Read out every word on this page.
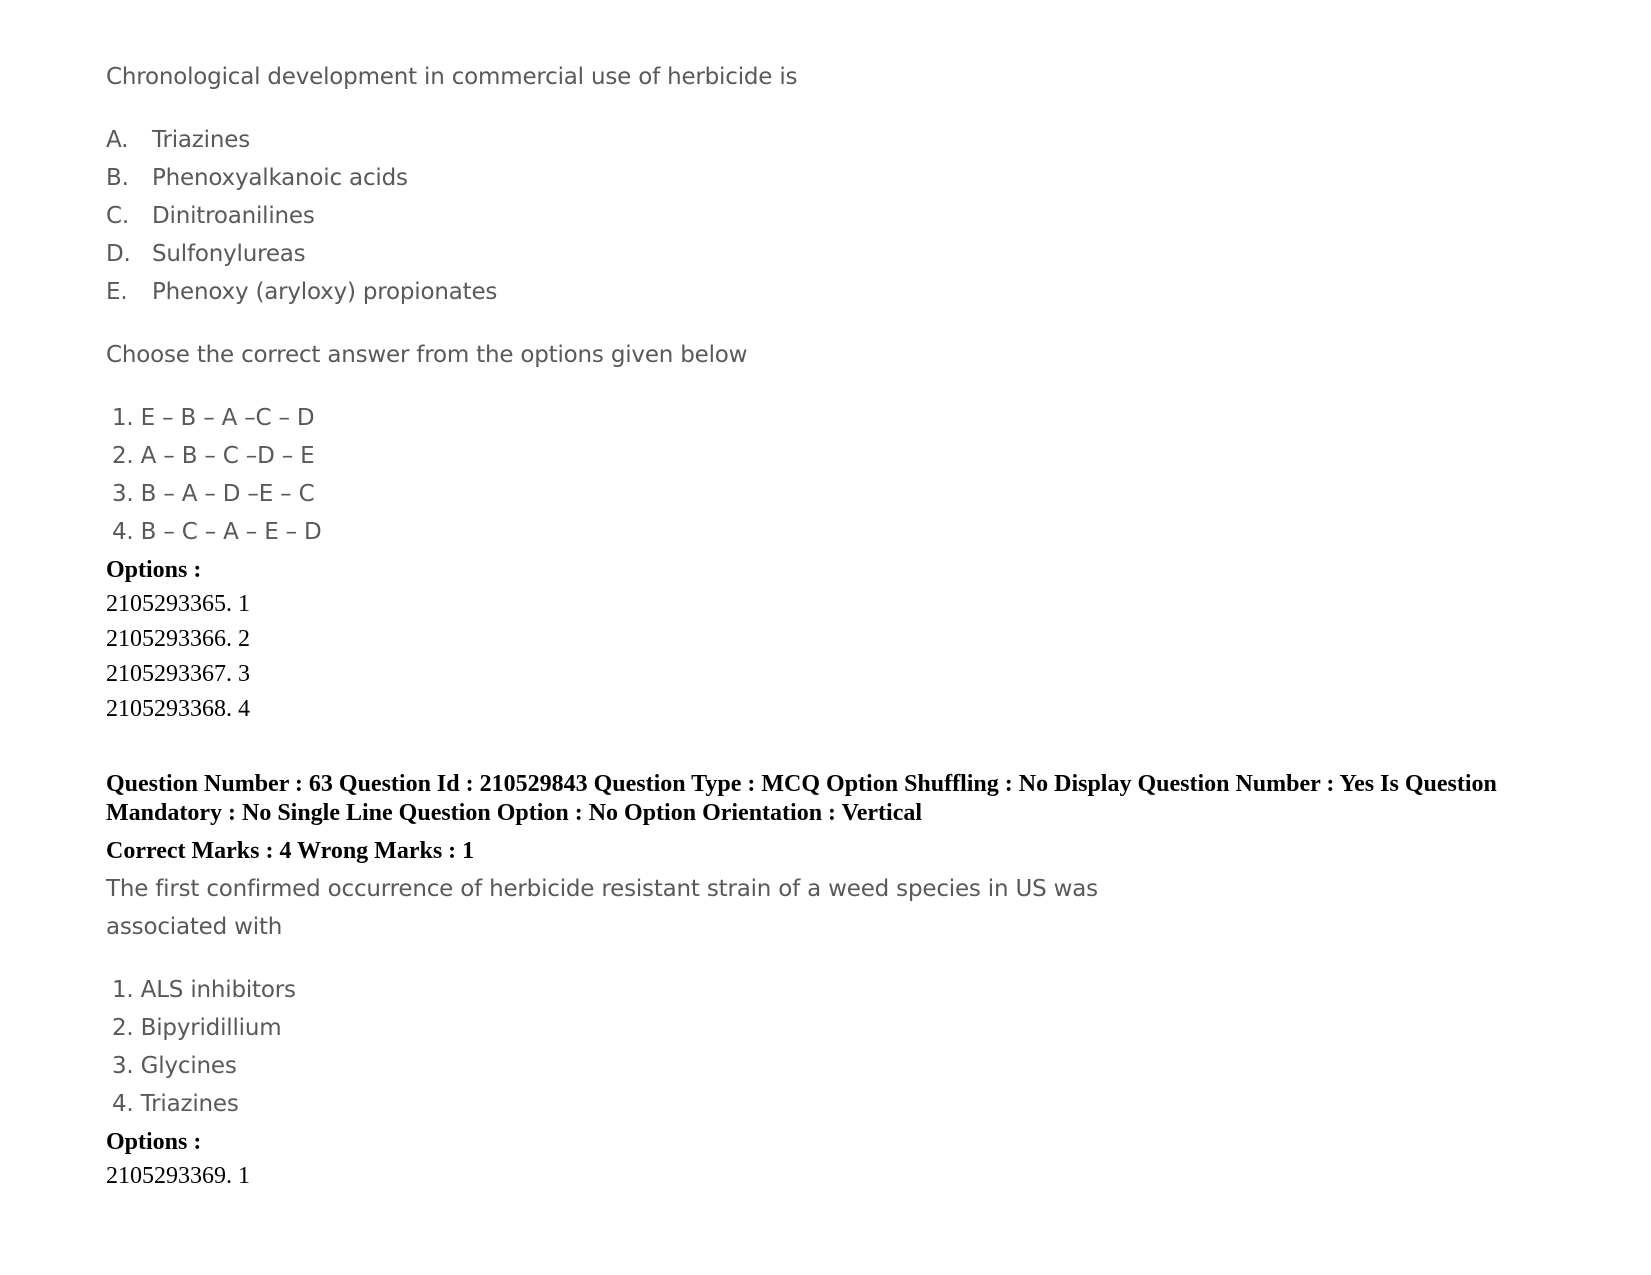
Chronological development in commercial use of herbicide is
A. Triazines
B. Phenoxyalkanoic acids
C. Dinitroanilines
D. Sulfonylureas
E. Phenoxy (aryloxy) propionates
Choose the correct answer from the options given below
1. E – B – A –C – D
2. A – B – C –D – E
3. B – A – D –E – C
4. B – C – A – E – D
Options :
2105293365. 1
2105293366. 2
2105293367. 3
2105293368. 4
Question Number : 63 Question Id : 210529843 Question Type : MCQ Option Shuffling : No Display Question Number : Yes Is Question Mandatory : No Single Line Question Option : No Option Orientation : Vertical
Correct Marks : 4 Wrong Marks : 1
The first confirmed occurrence of herbicide resistant strain of a weed species in US was
associated with
1. ALS inhibitors
2. Bipyridillium
3. Glycines
4. Triazines
Options :
2105293369. 1
